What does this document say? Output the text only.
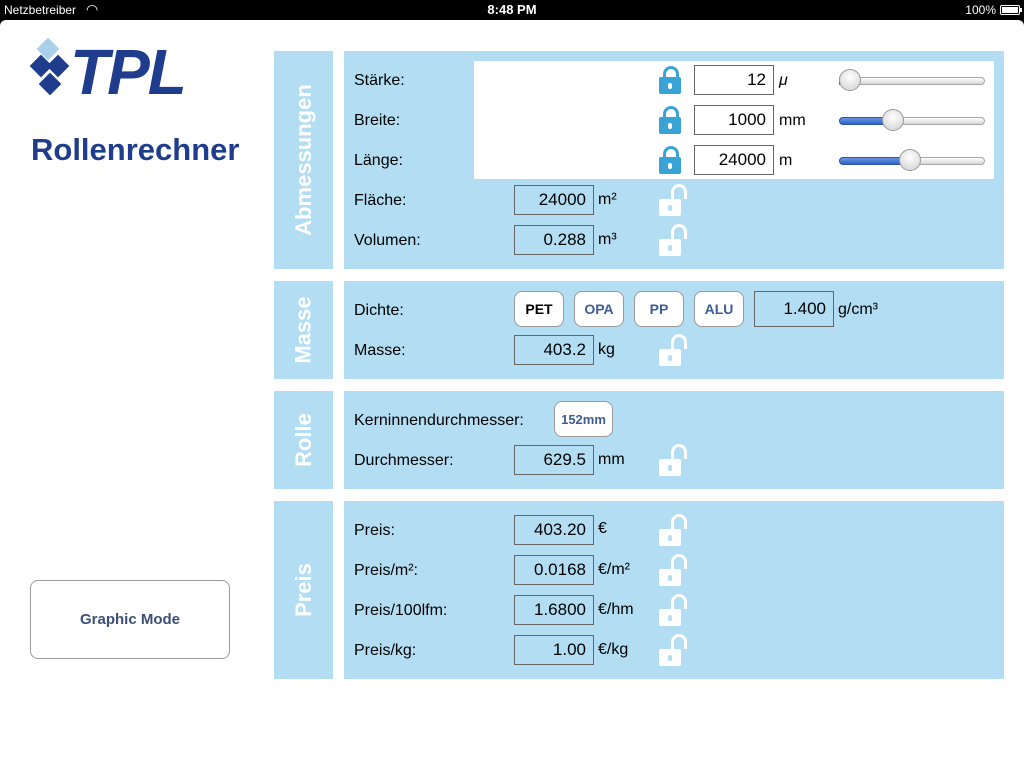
Netzbetreiber ◠	8:48 PM	100%
TPL
Rollenrechner
Graphic Mode
Abmessungen
Masse
Rolle
Preis
Stärke:	12 μ
Breite:	1000 mm
Länge:	24000 m
Fläche:	24000 m²
Volumen:	0.288 m³
Dichte:	PET	OPA	PP	ALU	1.400 g/cm³
Masse:	403.2 kg
Kerninnendurchmesser:	152mm
Durchmesser:	629.5 mm
Preis:	403.20 €
Preis/m²:	0.0168 €/m²
Preis/100lfm:	1.6800 €/hm
Preis/kg:	1.00 €/kg
